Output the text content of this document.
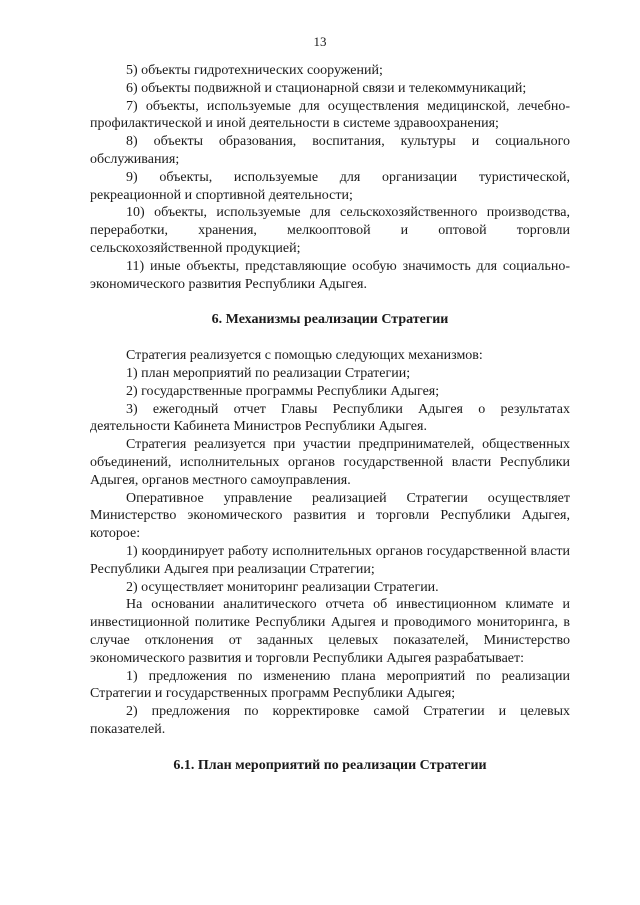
13

5) объекты гидротехнических сооружений;

6) объекты подвижной и стационарной связи и телекоммуникаций;

7) объекты, используемые для осуществления медицинской, лечебно-профилактической и иной деятельности в системе здравоохранения;

8) объекты образования, воспитания, культуры и социального обслуживания;

9) объекты, используемые для организации туристической, рекреационной и спортивной деятельности;

10) объекты, используемые для сельскохозяйственного производства, переработки, хранения, мелкооптовой и оптовой торговли сельскохозяйственной продукцией;

11) иные объекты, представляющие особую значимость для социально-экономического развития Республики Адыгея.

6. Механизмы реализации Стратегии

Стратегия реализуется с помощью следующих механизмов:

1) план мероприятий по реализации Стратегии;

2) государственные программы Республики Адыгея;

3) ежегодный отчет Главы Республики Адыгея о результатах деятельности Кабинета Министров Республики Адыгея.

Стратегия реализуется при участии предпринимателей, общественных объединений, исполнительных органов государственной власти Республики Адыгея, органов местного самоуправления.

Оперативное управление реализацией Стратегии осуществляет Министерство экономического развития и торговли Республики Адыгея, которое:

1) координирует работу исполнительных органов государственной власти Республики Адыгея при реализации Стратегии;

2) осуществляет мониторинг реализации Стратегии.

На основании аналитического отчета об инвестиционном климате и инвестиционной политике Республики Адыгея и проводимого мониторинга, в случае отклонения от заданных целевых показателей, Министерство экономического развития и торговли Республики Адыгея разрабатывает:

1) предложения по изменению плана мероприятий по реализации Стратегии и государственных программ Республики Адыгея;

2) предложения по корректировке самой Стратегии и целевых показателей.

6.1. План мероприятий по реализации Стратегии
